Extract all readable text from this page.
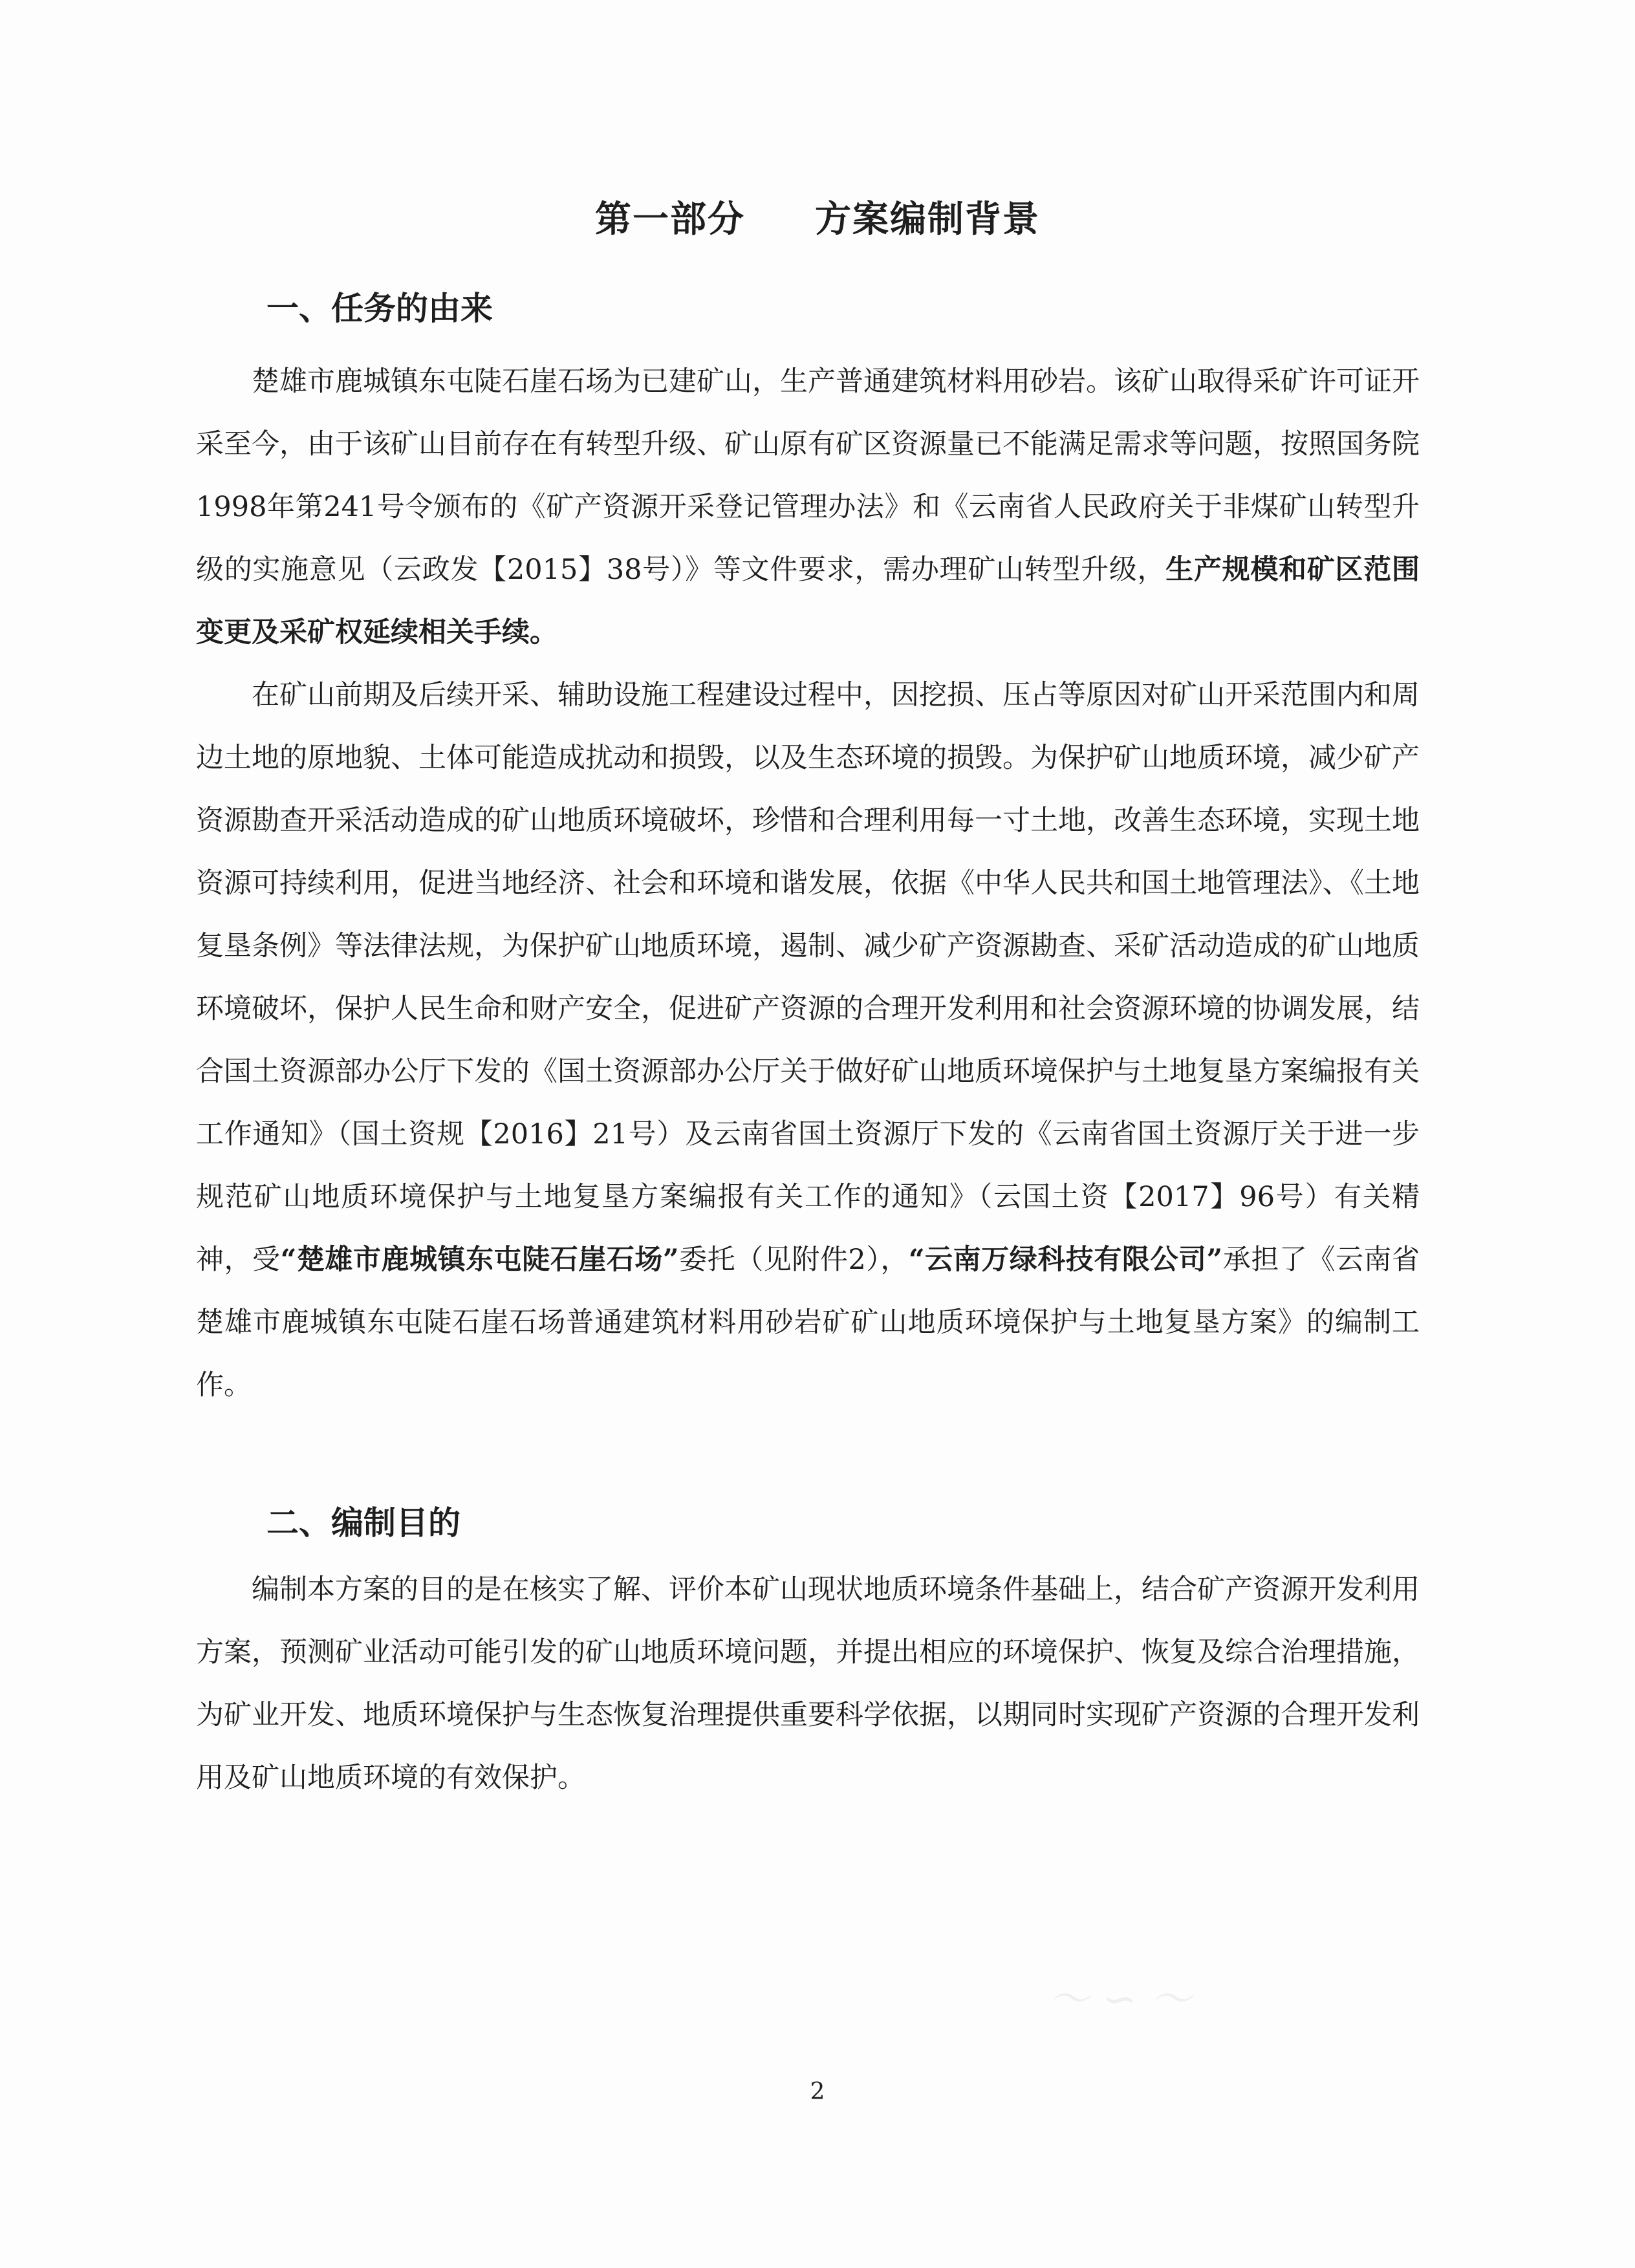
第一部分 方案编制背景
一、任务的由来

楚雄市鹿城镇东屯陡石崖石场为已建矿山，生产普通建筑材料用砂岩。该矿山取得采矿许可证开采至今，由于该矿山目前存在有转型升级、矿山原有矿区资源量已不能满足需求等问题，按照国务院1998年第241号令颁布的《矿产资源开采登记管理办法》和《云南省人民政府关于非煤矿山转型升级的实施意见（云政发【2015】38号）》等文件要求，需办理矿山转型升级，生产规模和矿区范围变更及采矿权延续相关手续。

在矿山前期及后续开采、辅助设施工程建设过程中，因挖损、压占等原因对矿山开采范围内和周边土地的原地貌、土体可能造成扰动和损毁，以及生态环境的损毁。为保护矿山地质环境，减少矿产资源勘查开采活动造成的矿山地质环境破坏，珍惜和合理利用每一寸土地，改善生态环境，实现土地资源可持续利用，促进当地经济、社会和环境和谐发展，依据《中华人民共和国土地管理法》、《土地复垦条例》等法律法规，为保护矿山地质环境，遏制、减少矿产资源勘查、采矿活动造成的矿山地质环境破坏，保护人民生命和财产安全，促进矿产资源的合理开发利用和社会资源环境的协调发展，结合国土资源部办公厅下发的《国土资源部办公厅关于做好矿山地质环境保护与土地复垦方案编报有关工作通知》（国土资规【2016】21号）及云南省国土资源厅下发的《云南省国土资源厅关于进一步规范矿山地质环境保护与土地复垦方案编报有关工作的通知》（云国土资【2017】96号）有关精神，受“楚雄市鹿城镇东屯陡石崖石场”委托（见附件2），“云南万绿科技有限公司”承担了《云南省楚雄市鹿城镇东屯陡石崖石场普通建筑材料用砂岩矿矿山地质环境保护与土地复垦方案》的编制工作。

二、编制目的

编制本方案的目的是在核实了解、评价本矿山现状地质环境条件基础上，结合矿产资源开发利用方案，预测矿业活动可能引发的矿山地质环境问题，并提出相应的环境保护、恢复及综合治理措施，为矿业开发、地质环境保护与生态恢复治理提供重要科学依据，以期同时实现矿产资源的合理开发利用及矿山地质环境的有效保护。

～ ∽ ～
2
